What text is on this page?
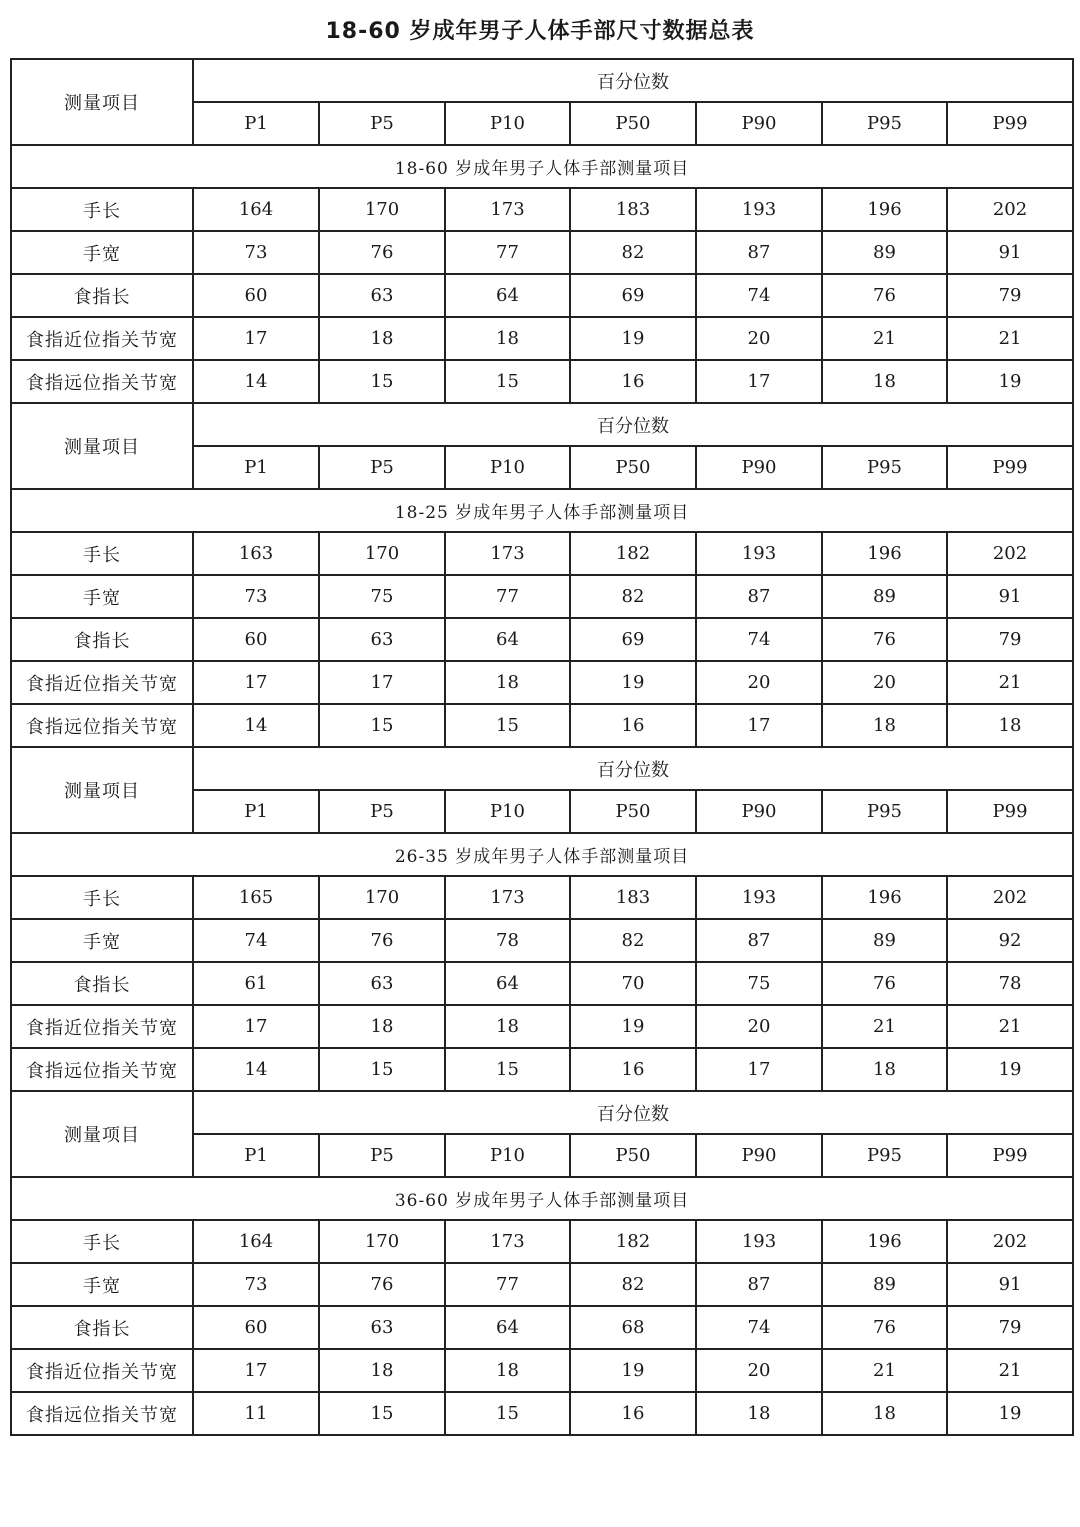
18-60 岁成年男子人体手部尺寸数据总表
测量项目	百分位数						
	P1	P5	P10	P50	P90	P95	P99
18-60 岁成年男子人体手部测量项目							
手长	164	170	173	183	193	196	202
手宽	73	76	77	82	87	89	91
食指长	60	63	64	69	74	76	79
食指近位指关节宽	17	18	18	19	20	21	21
食指远位指关节宽	14	15	15	16	17	18	19
测量项目	百分位数						
	P1	P5	P10	P50	P90	P95	P99
18-25 岁成年男子人体手部测量项目							
手长	163	170	173	182	193	196	202
手宽	73	75	77	82	87	89	91
食指长	60	63	64	69	74	76	79
食指近位指关节宽	17	17	18	19	20	20	21
食指远位指关节宽	14	15	15	16	17	18	18
测量项目	百分位数						
	P1	P5	P10	P50	P90	P95	P99
26-35 岁成年男子人体手部测量项目							
手长	165	170	173	183	193	196	202
手宽	74	76	78	82	87	89	92
食指长	61	63	64	70	75	76	78
食指近位指关节宽	17	18	18	19	20	21	21
食指远位指关节宽	14	15	15	16	17	18	19
测量项目	百分位数						
	P1	P5	P10	P50	P90	P95	P99
36-60 岁成年男子人体手部测量项目							
手长	164	170	173	182	193	196	202
手宽	73	76	77	82	87	89	91
食指长	60	63	64	68	74	76	79
食指近位指关节宽	17	18	18	19	20	21	21
食指远位指关节宽	11	15	15	16	18	18	19
